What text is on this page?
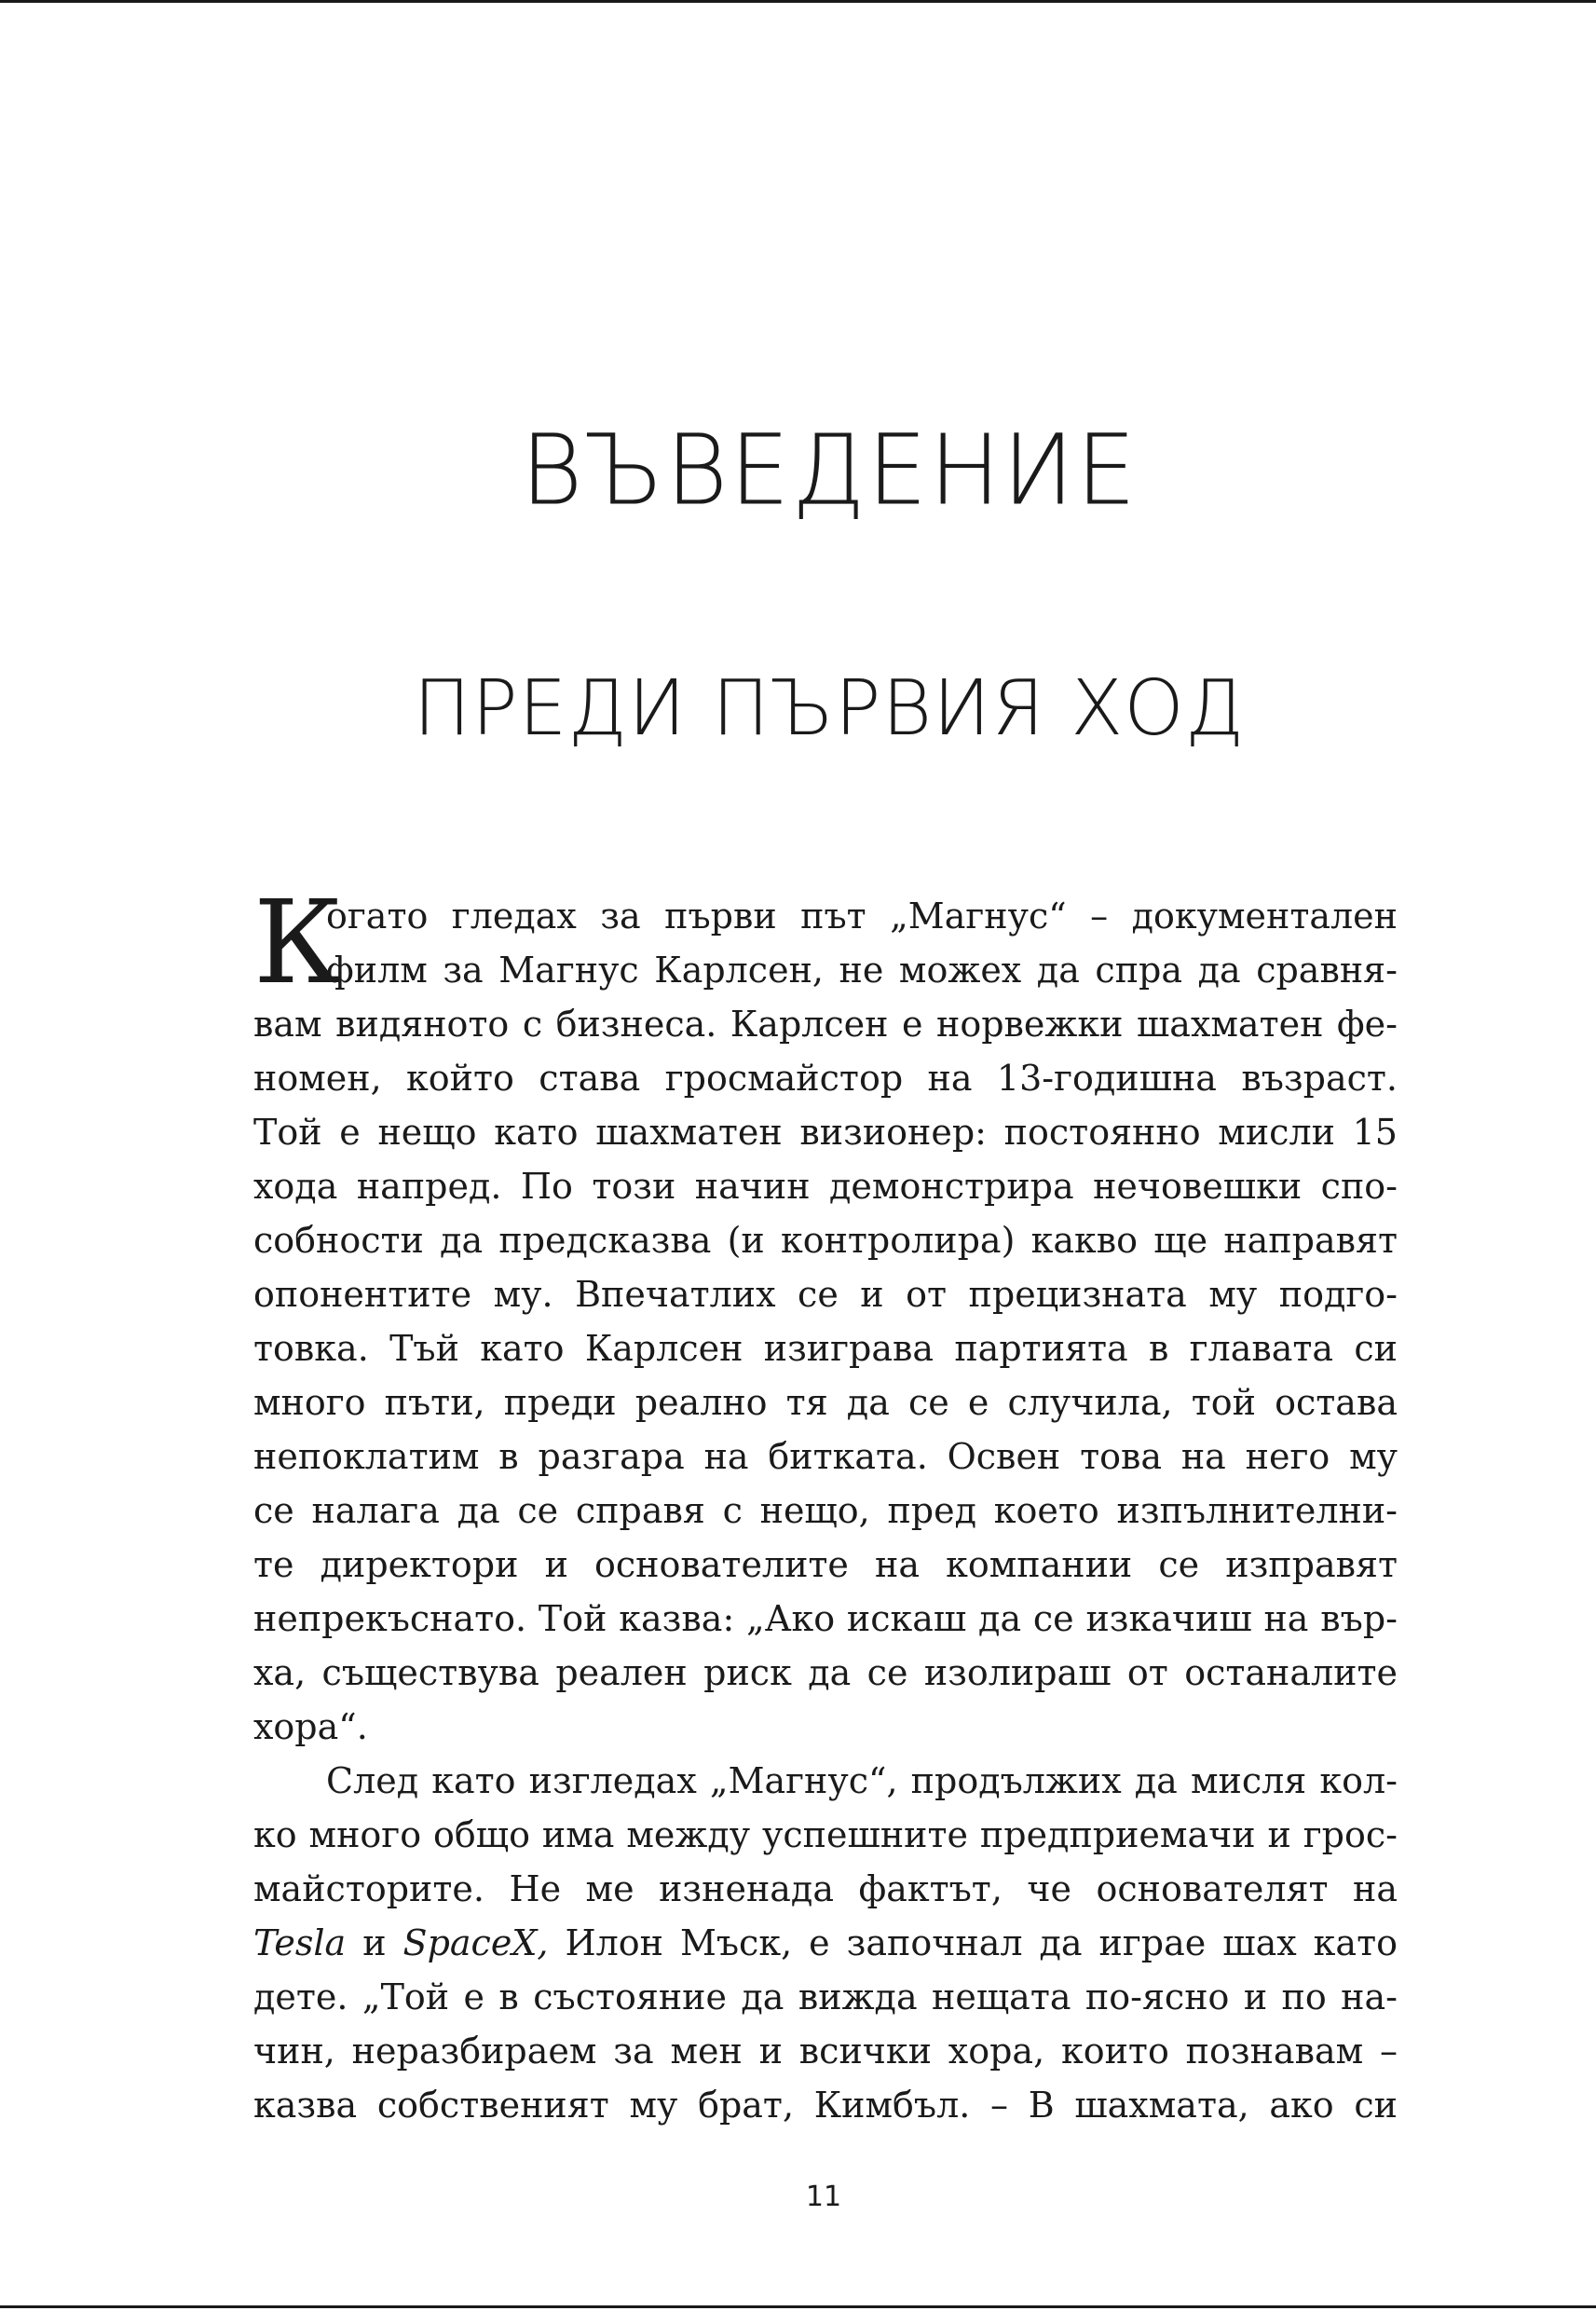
ВЪВЕДЕНИЕ
ПРЕДИ ПЪРВИЯ ХОД
К
огато гледах за първи път „Магнус“ – документален
филм за Магнус Карлсен, не можех да спра да сравня-
вам видяното с бизнеса. Карлсен е норвежки шахматен фе-
номен, който става гросмайстор на 13-годишна възраст.
Той е нещо като шахматен визионер: постоянно мисли 15
хода напред. По този начин демонстрира нечовешки спо-
собности да предсказва (и контролира) какво ще направят
опонентите му. Впечатлих се и от прецизната му подго-
товка. Тъй като Карлсен изиграва партията в главата си
много пъти, преди реално тя да се е случила, той остава
непоклатим в разгара на битката. Освен това на него му
се налага да се справя с нещо, пред което изпълнителни-
те директори и основателите на компании се изправят
непрекъснато. Той казва: „Ако искаш да се изкачиш на въp-
ха, съществува реален риск да се изолираш от останалите
хора“.
След като изгледах „Магнус“, продължих да мисля кол-
ко много общо има между успешните предприемачи и грос-
майсторите. Не ме изненада фактът, че основателят на
Tesla и SpaceX, Илон Мъск, е започнал да играе шах като
дете. „Той е в състояние да вижда нещата по-ясно и по на-
чин, неразбираем за мен и всички хора, които познавам –
казва собственият му брат, Кимбъл. – В шахмата, ако си
11
